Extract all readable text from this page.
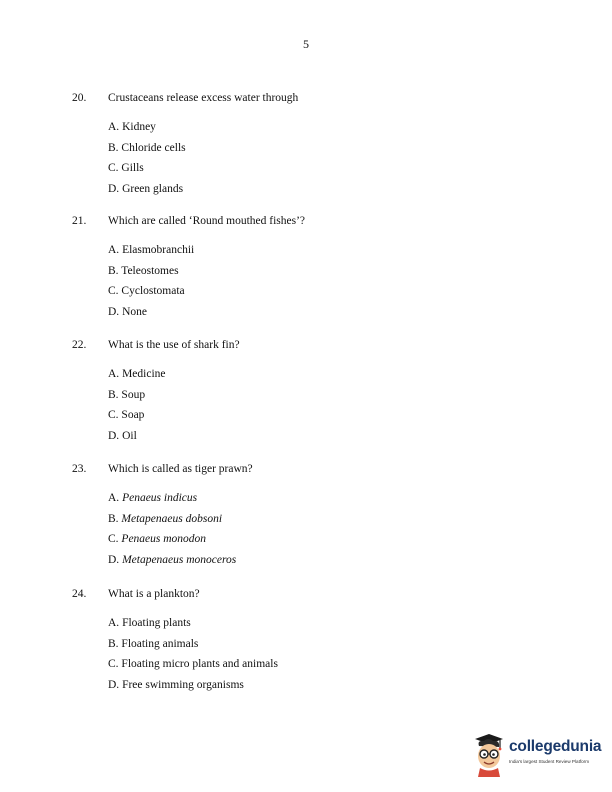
5
20. Crustaceans release excess water through
A. Kidney
B. Chloride cells
C. Gills
D. Green glands
21. Which are called ‘Round mouthed fishes’?
A. Elasmobranchii
B. Teleostomes
C. Cyclostomata
D. None
22. What is the use of shark fin?
A. Medicine
B. Soup
C. Soap
D. Oil
23. Which is called as tiger prawn?
A. Penaeus indicus
B. Metapenaeus dobsoni
C. Penaeus monodon
D. Metapenaeus monoceros
24. What is a plankton?
A. Floating plants
B. Floating animals
C. Floating micro plants and animals
D. Free swimming organisms
collegedunia
India's largest Student Review Platform
